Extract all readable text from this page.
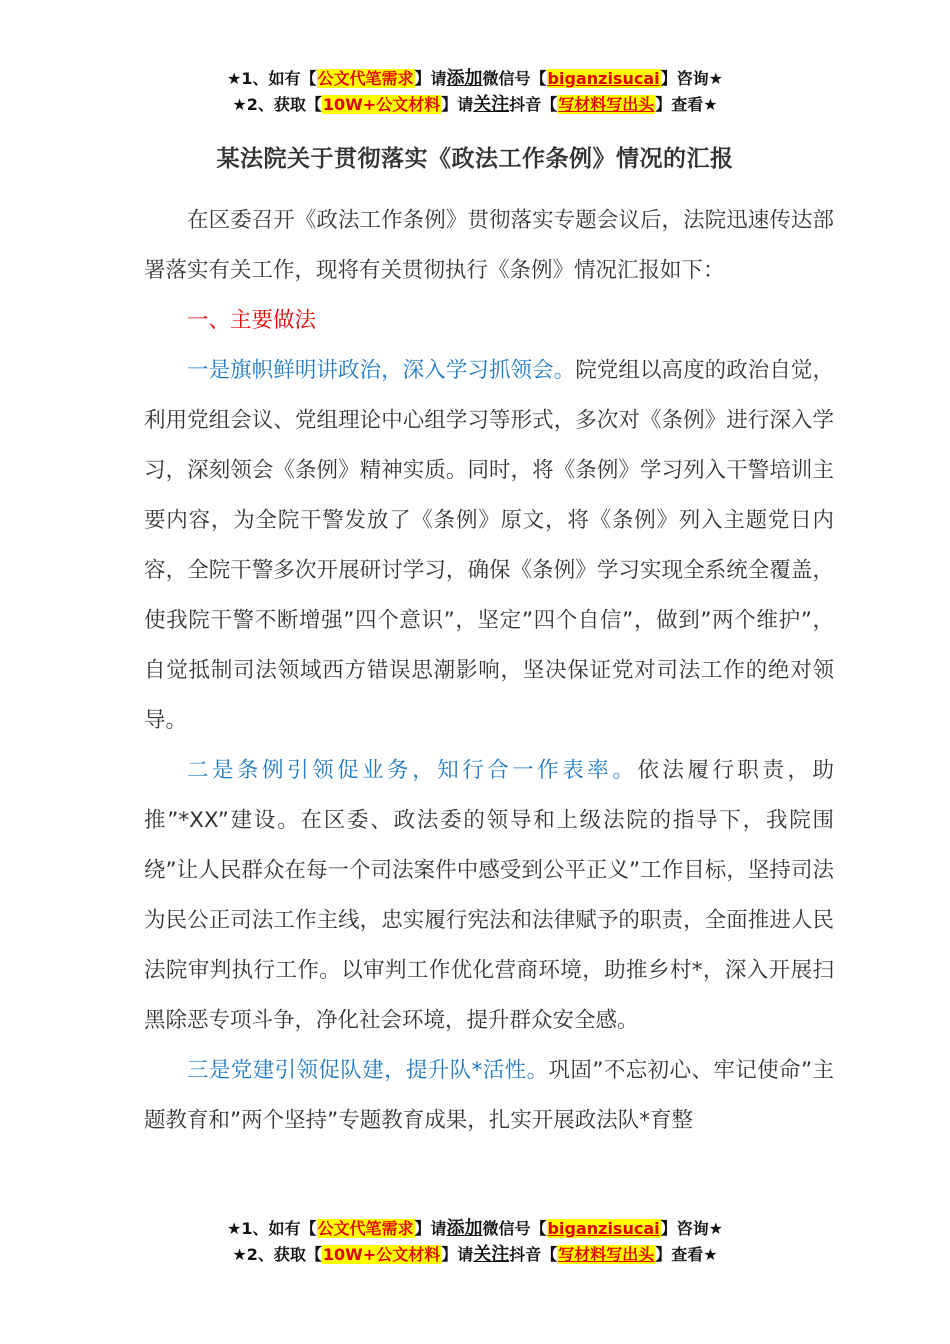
★1、如有【公文代笔需求】请添加微信号【biganzisucai】咨询★
★2、获取【10W+公文材料】请关注抖音【写材料写出头】查看★
某法院关于贯彻落实《政法工作条例》情况的汇报

在区委召开《政法工作条例》贯彻落实专题会议后，法院迅速传达部署落实有关工作，现将有关贯彻执行《条例》情况汇报如下：

一、主要做法

一是旗帜鲜明讲政治，深入学习抓领会。院党组以高度的政治自觉，利用党组会议、党组理论中心组学习等形式，多次对《条例》进行深入学习，深刻领会《条例》精神实质。同时，将《条例》学习列入干警培训主要内容，为全院干警发放了《条例》原文，将《条例》列入主题党日内容，全院干警多次开展研讨学习，确保《条例》学习实现全系统全覆盖，使我院干警不断增强”四个意识”，坚定”四个自信”，做到”两个维护”，自觉抵制司法领域西方错误思潮影响，坚决保证党对司法工作的绝对领导。

二是条例引领促业务，知行合一作表率。依法履行职责，助推”*XX”建设。在区委、政法委的领导和上级法院的指导下，我院围绕”让人民群众在每一个司法案件中感受到公平正义”工作目标，坚持司法为民公正司法工作主线，忠实履行宪法和法律赋予的职责，全面推进人民法院审判执行工作。以审判工作优化营商环境，助推乡村*，深入开展扫黑除恶专项斗争，净化社会环境，提升群众安全感。

三是党建引领促队建，提升队*活性。巩固”不忘初心、牢记使命”主题教育和”两个坚持”专题教育成果，扎实开展政法队*育整

★1、如有【公文代笔需求】请添加微信号【biganzisucai】咨询★
★2、获取【10W+公文材料】请关注抖音【写材料写出头】查看★
